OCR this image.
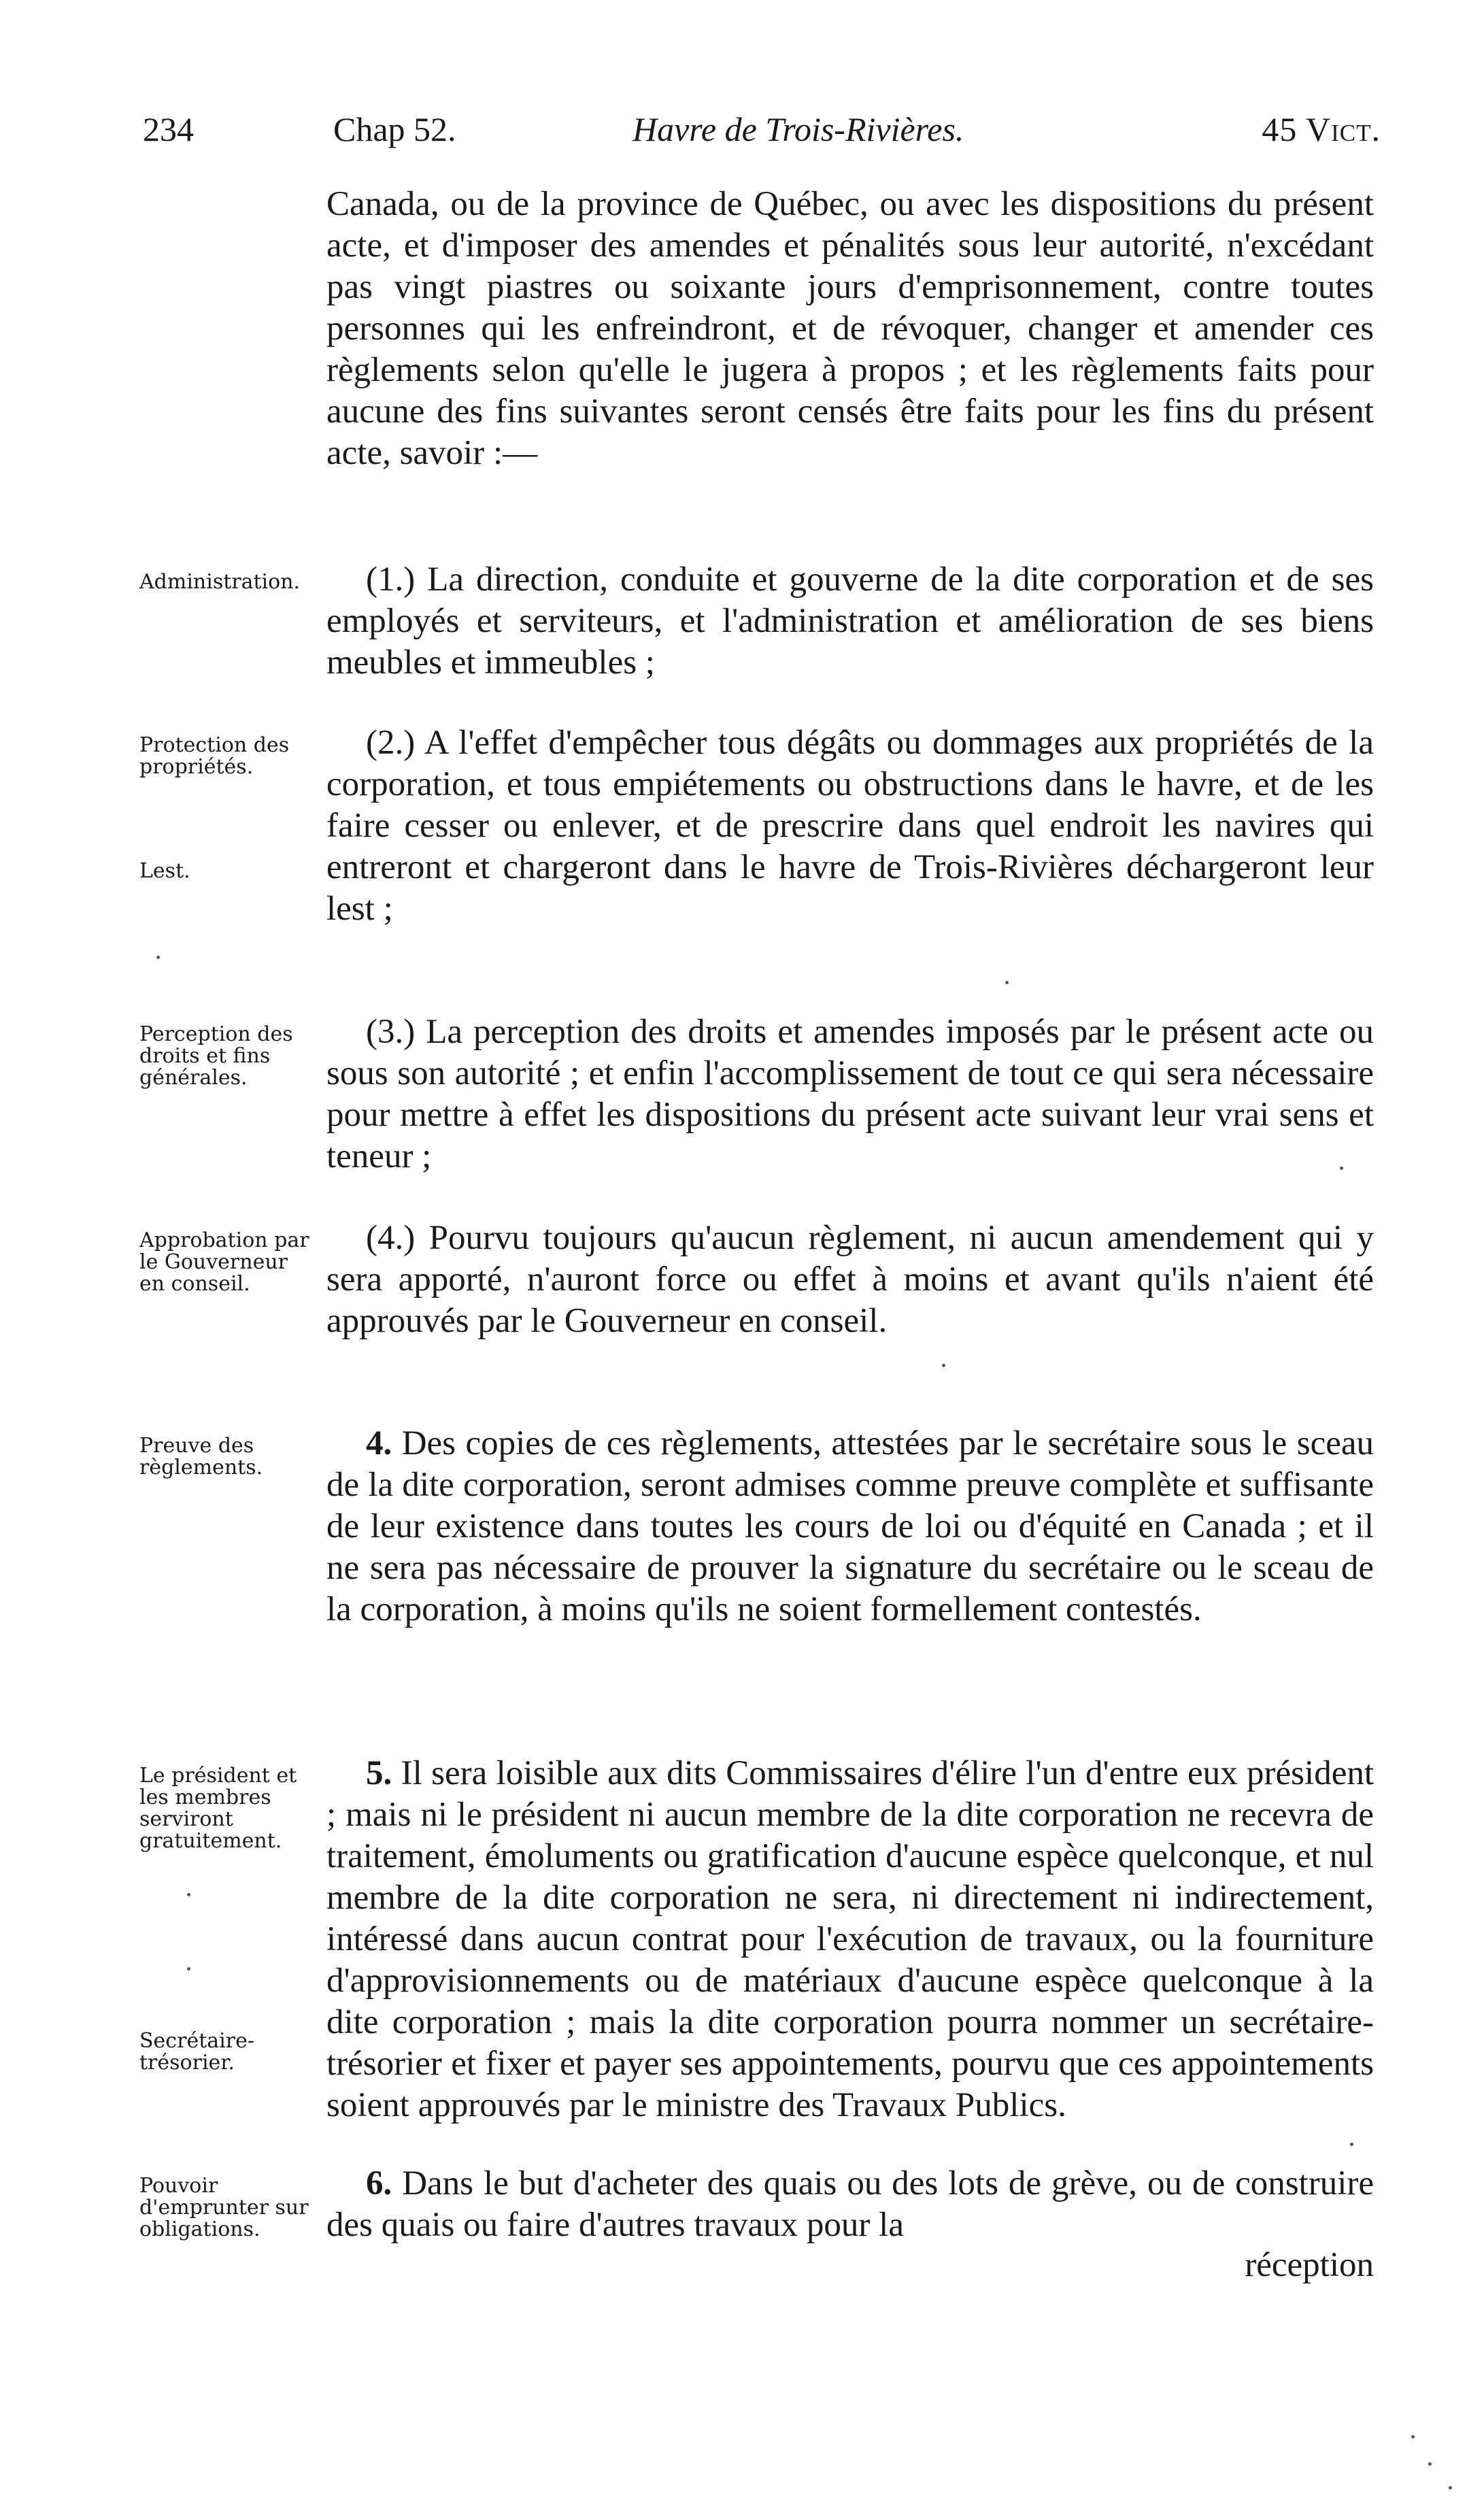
234	Chap 52.	Havre de Trois-Rivières.	45 Vict.

Canada, ou de la province de Québec, ou avec les dispositions du présent acte, et d'imposer des amendes et pénalités sous leur autorité, n'excédant pas vingt piastres ou soixante jours d'emprisonnement, contre toutes personnes qui les enfreindront, et de révoquer, changer et amender ces règlements selon qu'elle le jugera à propos ; et les règlements faits pour aucune des fins suivantes seront censés être faits pour les fins du présent acte, savoir :—

(1.) La direction, conduite et gouverne de la dite corporation et de ses employés et serviteurs, et l'administration et amélioration de ses biens meubles et immeubles ;

(2.) A l'effet d'empêcher tous dégâts ou dommages aux propriétés de la corporation, et tous empiétements ou obstructions dans le havre, et de les faire cesser ou enlever, et de prescrire dans quel endroit les navires qui entreront et chargeront dans le havre de Trois-Rivières déchargeront leur lest ;

(3.) La perception des droits et amendes imposés par le présent acte ou sous son autorité ; et enfin l'accomplissement de tout ce qui sera nécessaire pour mettre à effet les dispositions du présent acte suivant leur vrai sens et teneur ;

(4.) Pourvu toujours qu'aucun règlement, ni aucun amendement qui y sera apporté, n'auront force ou effet à moins et avant qu'ils n'aient été approuvés par le Gouverneur en conseil.

4. Des copies de ces règlements, attestées par le secrétaire sous le sceau de la dite corporation, seront admises comme preuve complète et suffisante de leur existence dans toutes les cours de loi ou d'équité en Canada ; et il ne sera pas nécessaire de prouver la signature du secrétaire ou le sceau de la corporation, à moins qu'ils ne soient formellement contestés.

5. Il sera loisible aux dits Commissaires d'élire l'un d'entre eux président ; mais ni le président ni aucun membre de la dite corporation ne recevra de traitement, émoluments ou gratification d'aucune espèce quelconque, et nul membre de la dite corporation ne sera, ni directement ni indirectement, intéressé dans aucun contrat pour l'exécution de travaux, ou la fourniture d'approvisionnements ou de matériaux d'aucune espèce quelconque à la dite corporation ; mais la dite corporation pourra nommer un secrétaire-trésorier et fixer et payer ses appointements, pourvu que ces appointements soient approuvés par le ministre des Travaux Publics.

6. Dans le but d'acheter des quais ou des lots de grève, ou de construire des quais ou faire d'autres travaux pour la

réception
Administration.
Protection des propriétés.
Lest.
Perception des droits et fins générales.
Approbation par le Gouverneur en conseil.
Preuve des règlements.
Le président et les membres serviront gratuitement.
Secrétaire-trésorier.
Pouvoir d'emprunter sur obligations.
